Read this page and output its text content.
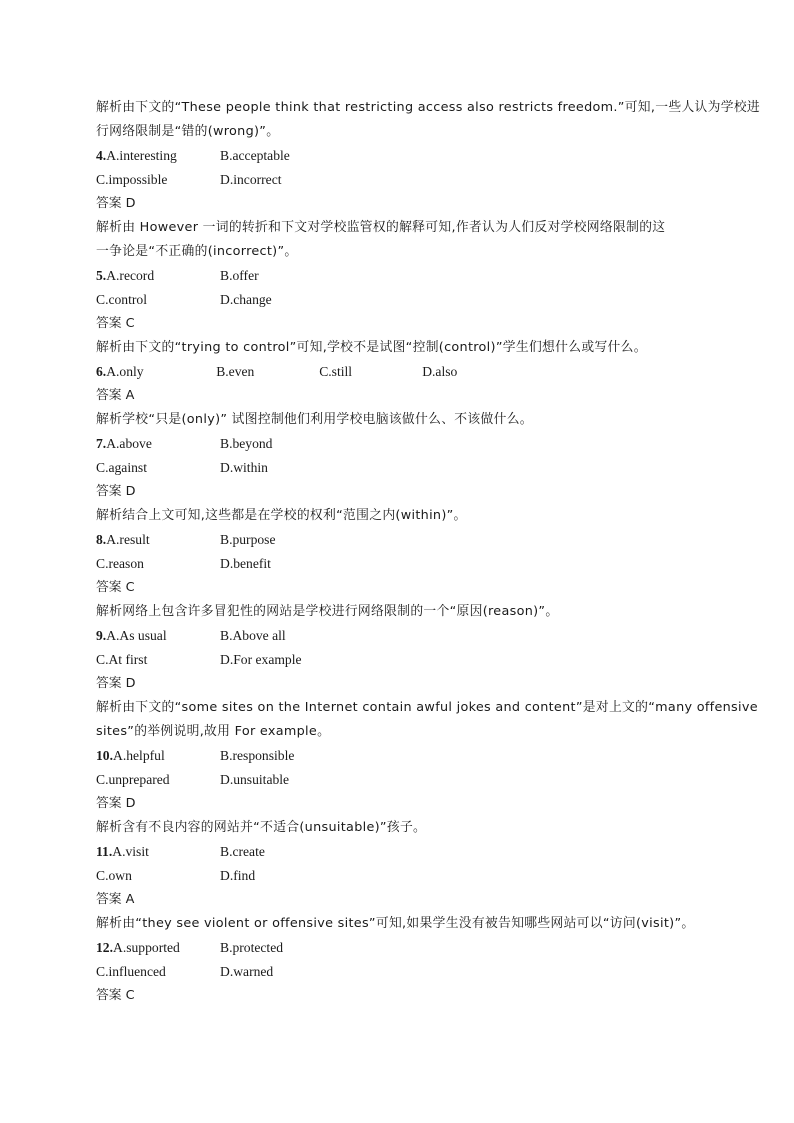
解析由下文的“These people think that restricting access also restricts freedom.”可知,一些人认为学校进
行网络限制是“错的(wrong)”。
4.A.interesting	B.acceptable
C.impossible	D.incorrect
答案 D
解析由 However 一词的转折和下文对学校监管权的解释可知,作者认为人们反对学校网络限制的这
一争论是“不正确的(incorrect)”。
5.A.record	B.offer
C.control	D.change
答案 C
解析由下文的“trying to control”可知,学校不是试图“控制(control)”学生们想什么或写什么。
6.A.only	B.even	C.still	D.also
答案 A
解析学校“只是(only)” 试图控制他们利用学校电脑该做什么、不该做什么。
7.A.above	B.beyond
C.against	D.within
答案 D
解析结合上文可知,这些都是在学校的权利“范围之内(within)”。
8.A.result	B.purpose
C.reason	D.benefit
答案 C
解析网络上包含许多冒犯性的网站是学校进行网络限制的一个“原因(reason)”。
9.A.As usual	B.Above all
C.At first	D.For example
答案 D
解析由下文的“some sites on the Internet contain awful jokes and content”是对上文的“many offensive
sites”的举例说明,故用 For example。
10.A.helpful	B.responsible
C.unprepared	D.unsuitable
答案 D
解析含有不良内容的网站并“不适合(unsuitable)”孩子。
11.A.visit	B.create
C.own	D.find
答案 A
解析由“they see violent or offensive sites”可知,如果学生没有被告知哪些网站可以“访问(visit)”。
12.A.supported	B.protected
C.influenced	D.warned
答案 C
